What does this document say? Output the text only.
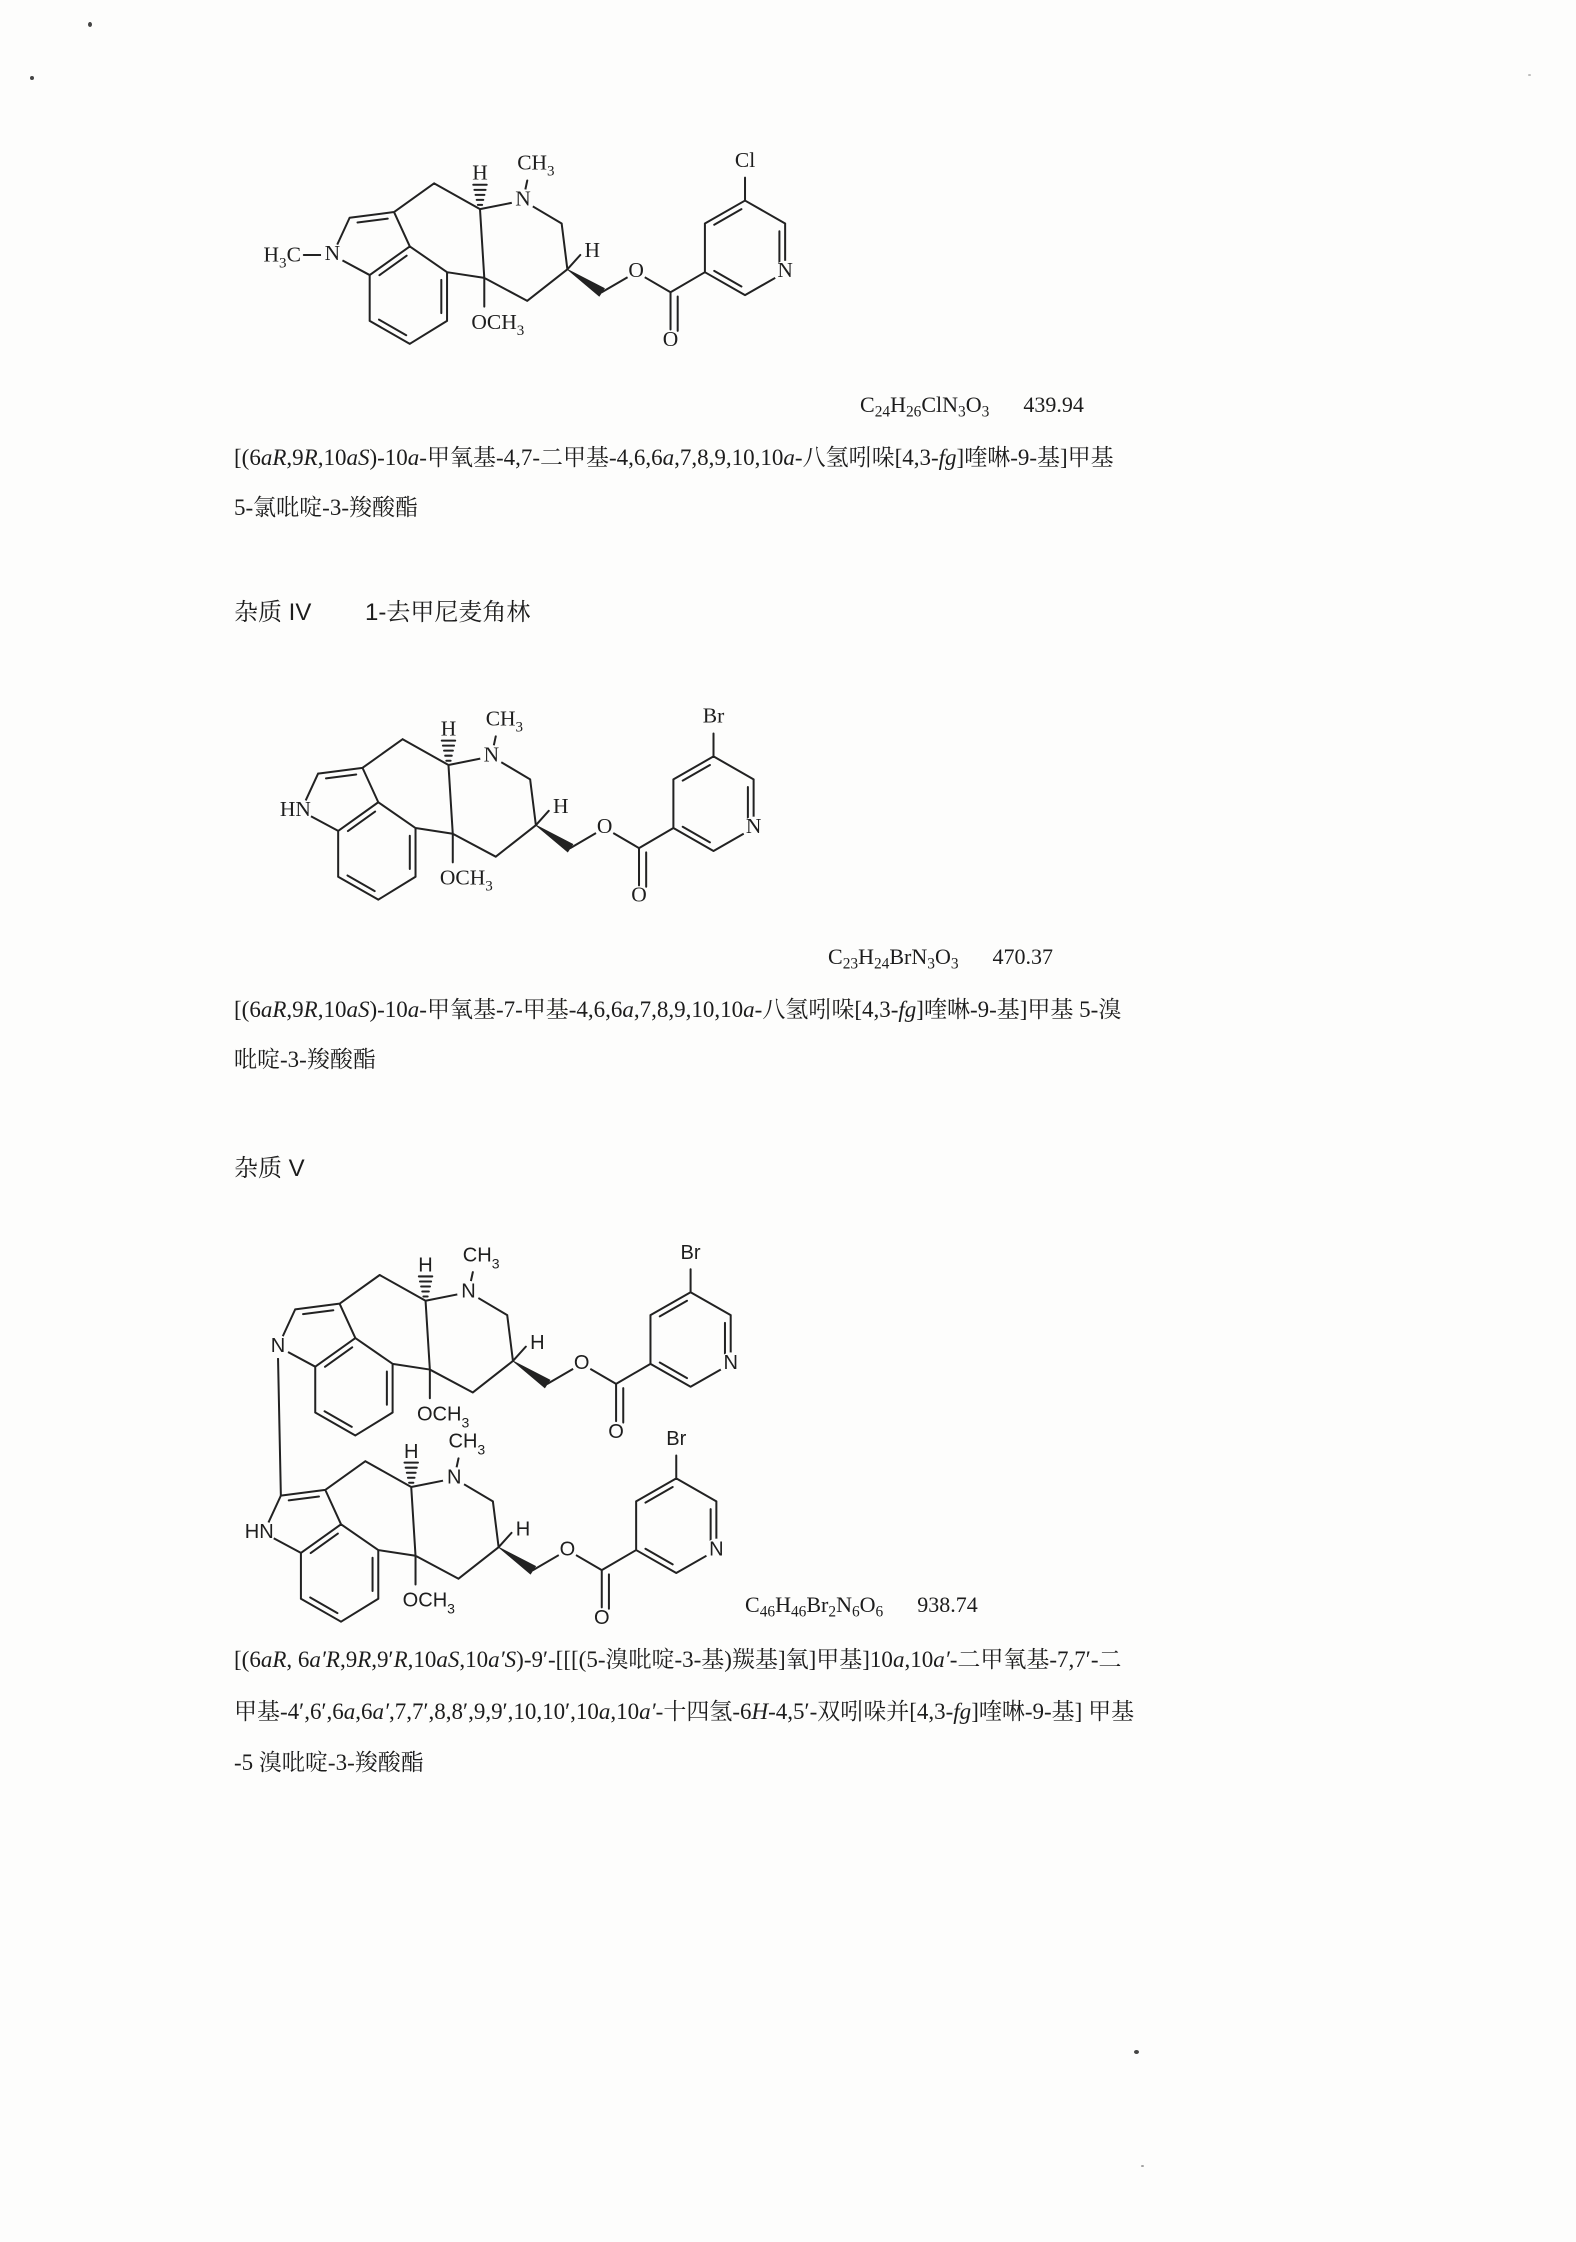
$H_3C$ N
H
N
$CH_3$
H
$OCH_3$
O
O
Cl
N
HN
H
N
$CH_3$
H
$OCH_3$
O
O
Br
N
N
H
N
$CH_3$
H
$OCH_3$
O
O
Br
N
HN
H
N
$CH_3$
H
$OCH_3$
O
O
Br
N
$C_{24}H_{26}ClN_3O_3$ 439.94
[(6aR,9R,10aS)-10a-甲氧基-4,7-二甲基-4,6,6a,7,8,9,10,10a-八氢吲哚[4,3-fg]喹啉-9-基]甲基
5-氯吡啶-3-羧酸酯
杂质 IV 1-去甲尼麦角林
$C_{23}H_{24}BrN_3O_3$ 470.37
[(6aR,9R,10aS)-10a-甲氧基-7-甲基-4,6,6a,7,8,9,10,10a-八氢吲哚[4,3-fg]喹啉-9-基]甲基 5-溴
吡啶-3-羧酸酯
杂质 V
$C_{46}H_{46}Br_2N_6O_6$ 938.74
[(6aR, 6a′R,9R,9′R,10aS,10a′S)-9′-[[[(5-溴吡啶-3-基)羰基]氧]甲基]10a,10a′-二甲氧基-7,7′-二
甲基-4′,6′,6a,6a′,7,7′,8,8′,9,9′,10,10′,10a,10a′-十四氢-6H-4,5′-双吲哚并[4,3-fg]喹啉-9-基] 甲基
-5 溴吡啶-3-羧酸酯
